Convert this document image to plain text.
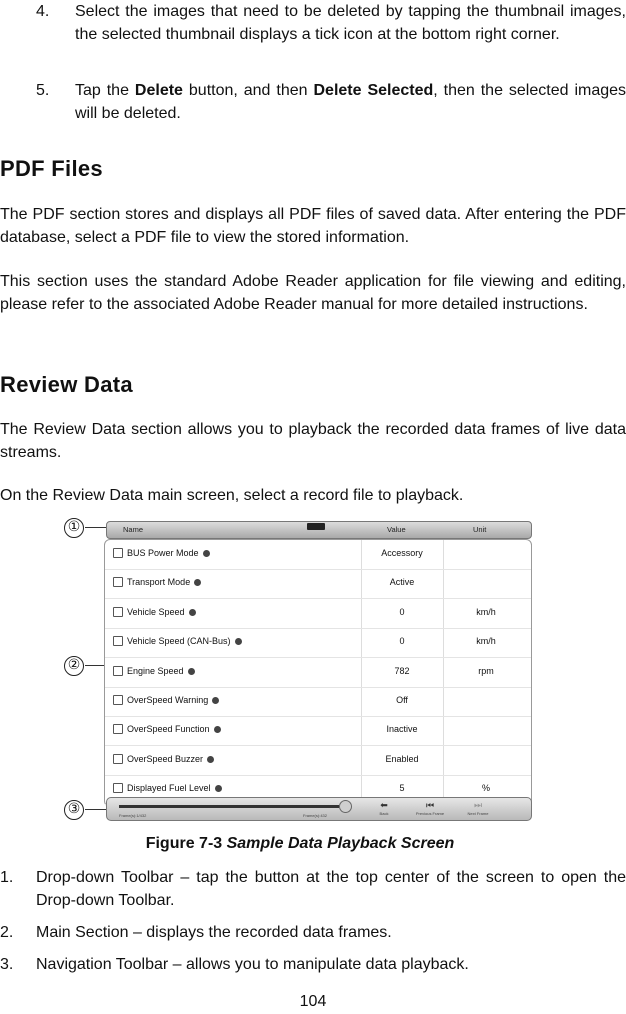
4. Select the images that need to be deleted by tapping the thumbnail images, the selected thumbnail displays a tick icon at the bottom right corner.
5. Tap the Delete button, and then Delete Selected, then the selected images will be deleted.
PDF Files

The PDF section stores and displays all PDF files of saved data. After entering the PDF database, select a PDF file to view the stored information.

This section uses the standard Adobe Reader application for file viewing and editing, please refer to the associated Adobe Reader manual for more detailed instructions.

Review Data

The Review Data section allows you to playback the recorded data frames of live data streams.

On the Review Data main screen, select a record file to playback.

①
②
③
Name	Value	Unit
BUS Power Mode	Accessory
Transport Mode	Active
Vehicle Speed	0	km/h
Vehicle Speed (CAN-Bus)	0	km/h
Engine Speed	782	rpm
OverSpeed Warning	Off
OverSpeed Function	Inactive
OverSpeed Buzzer	Enabled
Displayed Fuel Level	5	%
Frame(s):1/432	Frame(s):432
⬅
Back
⏮
Previous Frame
⏭
Next Frame
Figure 7-3 Sample Data Playback Screen
1. Drop-down Toolbar – tap the button at the top center of the screen to open the Drop-down Toolbar.
2. Main Section – displays the recorded data frames.
3. Navigation Toolbar – allows you to manipulate data playback.
104
